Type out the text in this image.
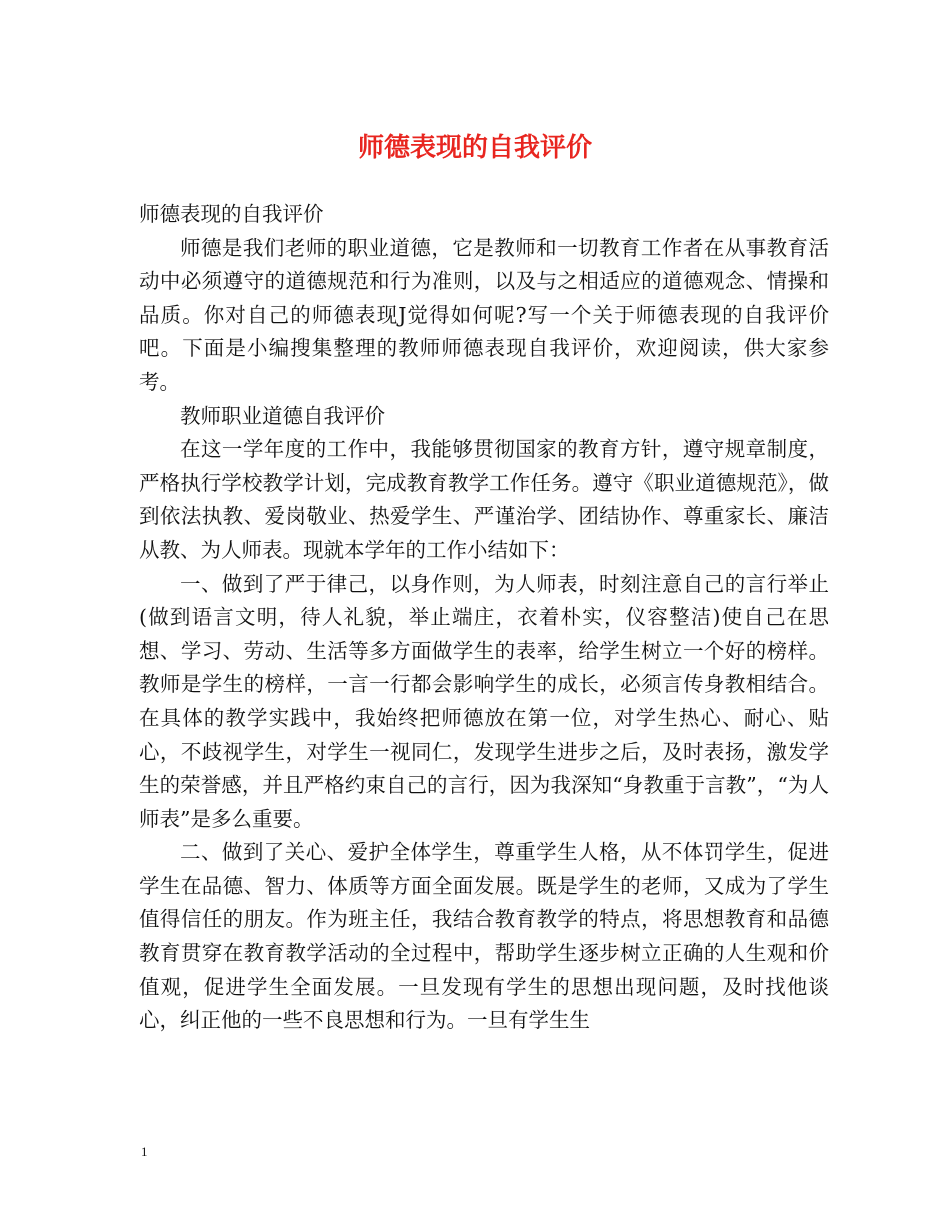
师德表现的自我评价

师德表现的自我评价

师德是我们老师的职业道德，它是教师和一切教育工作者在从事教育活动中必须遵守的道德规范和行为准则，以及与之相适应的道德观念、情操和品质。你对自己的师德表现J觉得如何呢?写一个关于师德表现的自我评价吧。下面是小编搜集整理的教师师德表现自我评价，欢迎阅读，供大家参考。

教师职业道德自我评价

在这一学年度的工作中，我能够贯彻国家的教育方针，遵守规章制度，严格执行学校教学计划，完成教育教学工作任务。遵守《职业道德规范》，做到依法执教、爱岗敬业、热爱学生、严谨治学、团结协作、尊重家长、廉洁从教、为人师表。现就本学年的工作小结如下：

一、做到了严于律己，以身作则，为人师表，时刻注意自己的言行举止(做到语言文明，待人礼貌，举止端庄，衣着朴实，仪容整洁)使自己在思想、学习、劳动、生活等多方面做学生的表率，给学生树立一个好的榜样。教师是学生的榜样，一言一行都会影响学生的成长，必须言传身教相结合。在具体的教学实践中，我始终把师德放在第一位，对学生热心、耐心、贴心，不歧视学生，对学生一视同仁，发现学生进步之后，及时表扬，激发学生的荣誉感，并且严格约束自己的言行，因为我深知“身教重于言教”，“为人师表”是多么重要。

二、做到了关心、爱护全体学生，尊重学生人格，从不体罚学生，促进学生在品德、智力、体质等方面全面发展。既是学生的老师，又成为了学生值得信任的朋友。作为班主任，我结合教育教学的特点，将思想教育和品德教育贯穿在教育教学活动的全过程中，帮助学生逐步树立正确的人生观和价值观，促进学生全面发展。一旦发现有学生的思想出现问题，及时找他谈心，纠正他的一些不良思想和行为。一旦有学生生

1
